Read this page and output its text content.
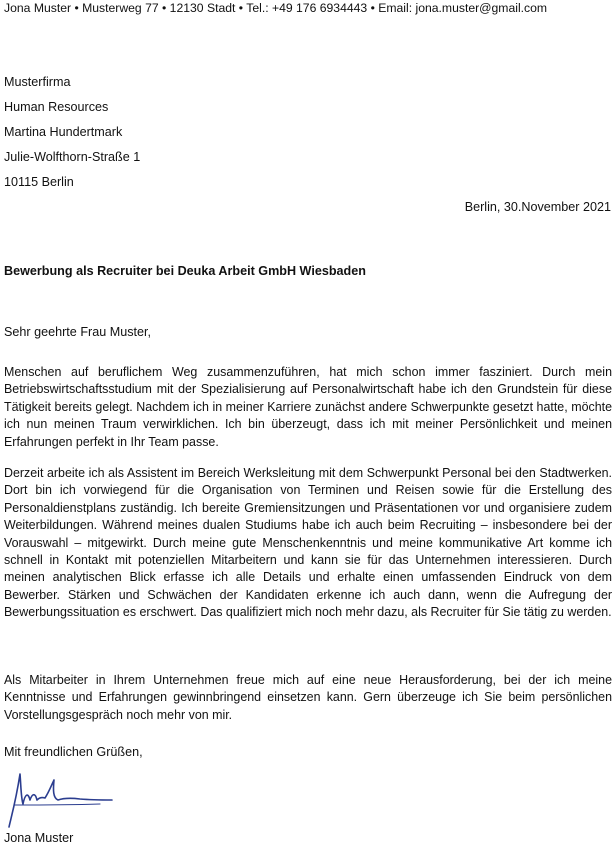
Jona Muster • Musterweg 77 • 12130 Stadt • Tel.: +49 176 6934443 • Email: jona.muster@gmail.com
Musterfirma
Human Resources
Martina Hundertmark
Julie-Wolfthorn-Straße 1
10115 Berlin
Berlin, 30.November 2021
Bewerbung als Recruiter bei Deuka Arbeit GmbH Wiesbaden
Sehr geehrte Frau Muster,
Menschen auf beruflichem Weg zusammenzuführen, hat mich schon immer fasziniert. Durch mein Betriebswirtschaftsstudium mit der Spezialisierung auf Personalwirtschaft habe ich den Grundstein für diese Tätigkeit bereits gelegt. Nachdem ich in meiner Karriere zunächst andere Schwerpunkte gesetzt hatte, möchte ich nun meinen Traum verwirklichen. Ich bin überzeugt, dass ich mit meiner Persönlichkeit und meinen Erfahrungen perfekt in Ihr Team passe.
Derzeit arbeite ich als Assistent im Bereich Werksleitung mit dem Schwerpunkt Personal bei den Stadtwerken. Dort bin ich vorwiegend für die Organisation von Terminen und Reisen sowie für die Erstellung des Personaldienstplans zuständig. Ich bereite Gremiensitzungen und Präsentationen vor und organisiere zudem Weiterbildungen. Während meines dualen Studiums habe ich auch beim Recruiting – insbesondere bei der Vorauswahl – mitgewirkt. Durch meine gute Menschenkenntnis und meine kommunikative Art komme ich schnell in Kontakt mit potenziellen Mitarbeitern und kann sie für das Unternehmen interessieren. Durch meinen analytischen Blick erfasse ich alle Details und erhalte einen umfassenden Eindruck von dem Bewerber. Stärken und Schwächen der Kandidaten erkenne ich auch dann, wenn die Aufregung der Bewerbungssituation es erschwert. Das qualifiziert mich noch mehr dazu, als Recruiter für Sie tätig zu werden.
Als Mitarbeiter in Ihrem Unternehmen freue mich auf eine neue Herausforderung, bei der ich meine Kenntnisse und Erfahrungen gewinnbringend einsetzen kann. Gern überzeuge ich Sie beim persönlichen Vorstellungsgespräch noch mehr von mir.
Mit freundlichen Grüßen,
Jona Muster
